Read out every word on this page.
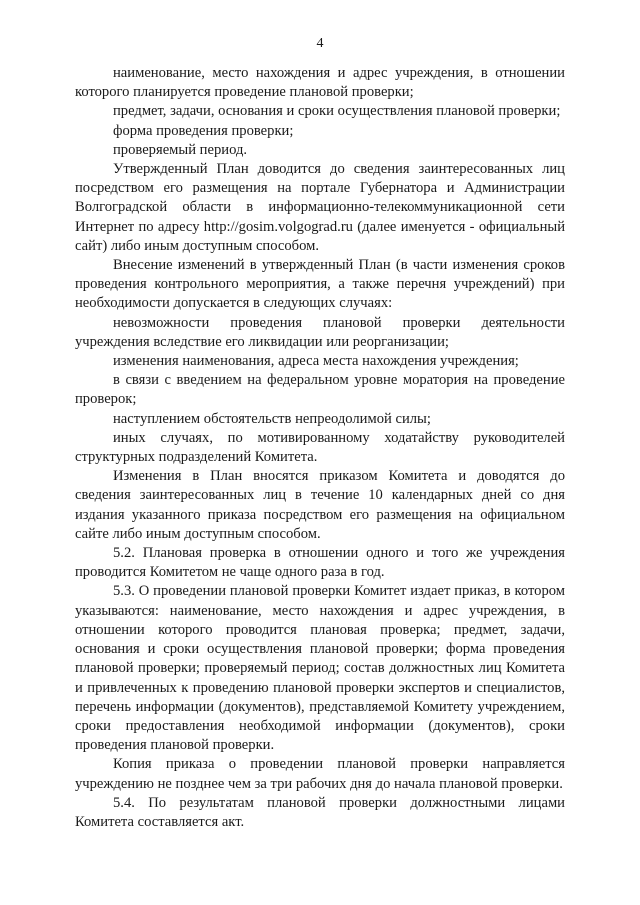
4

наименование, место нахождения и адрес учреждения, в отношении которого планируется проведение плановой проверки;

предмет, задачи, основания и сроки осуществления плановой проверки;

форма проведения проверки;

проверяемый период.

Утвержденный План доводится до сведения заинтересованных лиц посредством его размещения на портале Губернатора и Администрации Волгоградской области в информационно-телекоммуникационной сети Интернет по адресу http://gosim.volgograd.ru (далее именуется - официальный сайт) либо иным доступным способом.

Внесение изменений в утвержденный План (в части изменения сроков проведения контрольного мероприятия, а также перечня учреждений) при необходимости допускается в следующих случаях:

невозможности проведения плановой проверки деятельности учреждения вследствие его ликвидации или реорганизации;

изменения наименования, адреса места нахождения учреждения;

в связи с введением на федеральном уровне моратория на проведение проверок;

наступлением обстоятельств непреодолимой силы;

иных случаях, по мотивированному ходатайству руководителей структурных подразделений Комитета.

Изменения в План вносятся приказом Комитета и доводятся до сведения заинтересованных лиц в течение 10 календарных дней со дня издания указанного приказа посредством его размещения на официальном сайте либо иным доступным способом.

5.2. Плановая проверка в отношении одного и того же учреждения проводится Комитетом не чаще одного раза в год.

5.3. О проведении плановой проверки Комитет издает приказ, в котором указываются: наименование, место нахождения и адрес учреждения, в отношении которого проводится плановая проверка; предмет, задачи, основания и сроки осуществления плановой проверки; форма проведения плановой проверки; проверяемый период; состав должностных лиц Комитета и привлеченных к проведению плановой проверки экспертов и специалистов, перечень информации (документов), представляемой Комитету учреждением, сроки предоставления необходимой информации (документов), сроки проведения плановой проверки.

Копия приказа о проведении плановой проверки направляется учреждению не позднее чем за три рабочих дня до начала плановой проверки.

5.4. По результатам плановой проверки должностными лицами Комитета составляется акт.
